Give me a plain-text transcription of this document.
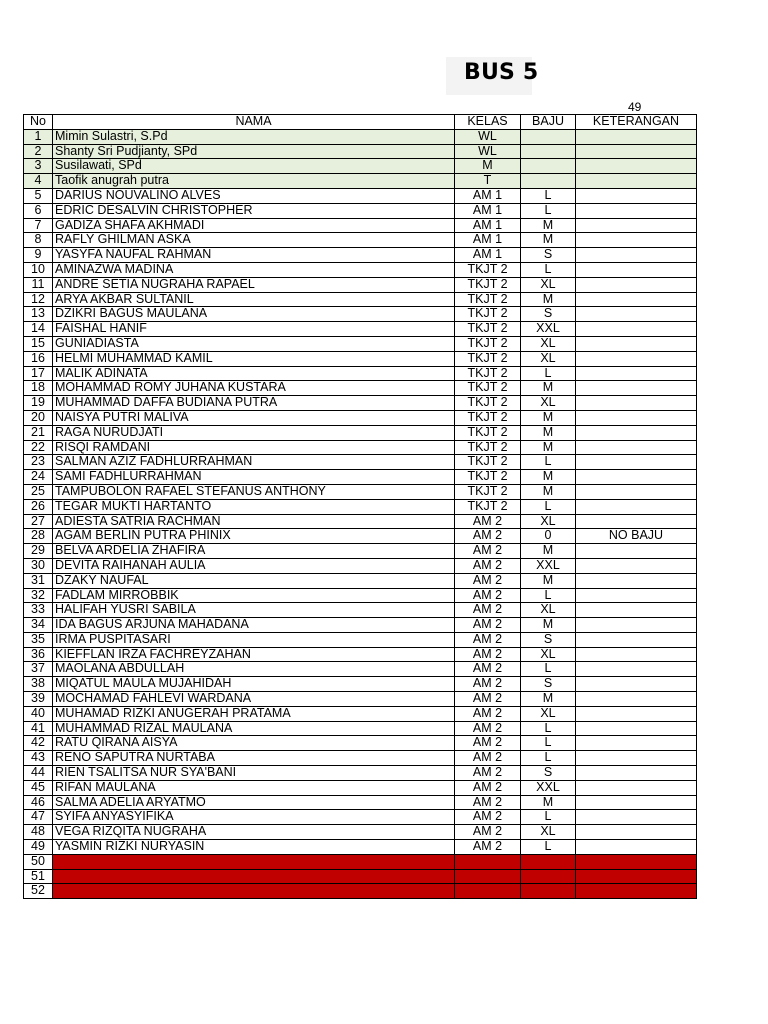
BUS 5
49
No	NAMA	KELAS	BAJU	KETERANGAN
1	Mimin Sulastri, S.Pd	WL		
2	Shanty Sri Pudjianty, SPd	WL		
3	Susilawati, SPd	M		
4	Taofik anugrah putra	T		
5	DARIUS NOUVALINO ALVES	AM 1	L	
6	EDRIC DESALVIN CHRISTOPHER	AM 1	L	
7	GADIZA SHAFA AKHMADI	AM 1	M	
8	RAFLY GHILMAN ASKA	AM 1	M	
9	YASYFA NAUFAL RAHMAN	AM 1	S	
10	AMINAZWA MADINA	TKJT 2	L	
11	ANDRE SETIA NUGRAHA RAPAEL	TKJT 2	XL	
12	ARYA AKBAR SULTANIL	TKJT 2	M	
13	DZIKRI BAGUS MAULANA	TKJT 2	S	
14	FAISHAL HANIF	TKJT 2	XXL	
15	GUNIADIASTA	TKJT 2	XL	
16	HELMI MUHAMMAD KAMIL	TKJT 2	XL	
17	MALIK ADINATA	TKJT 2	L	
18	MOHAMMAD ROMY JUHANA KUSTARA	TKJT 2	M	
19	MUHAMMAD DAFFA BUDIANA PUTRA	TKJT 2	XL	
20	NAISYA PUTRI MALIVA	TKJT 2	M	
21	RAGA NURUDJATI	TKJT 2	M	
22	RISQI RAMDANI	TKJT 2	M	
23	SALMAN AZIZ FADHLURRAHMAN	TKJT 2	L	
24	SAMI FADHLURRAHMAN	TKJT 2	M	
25	TAMPUBOLON RAFAEL STEFANUS ANTHONY	TKJT 2	M	
26	TEGAR MUKTI HARTANTO	TKJT 2	L	
27	ADIESTA SATRIA RACHMAN	AM 2	XL	
28	AGAM BERLIN PUTRA PHINIX	AM 2	0	NO BAJU
29	BELVA ARDELIA ZHAFIRA	AM 2	M	
30	DEVITA RAIHANAH AULIA	AM 2	XXL	
31	DZAKY NAUFAL	AM 2	M	
32	FADLAM MIRROBBIK	AM 2	L	
33	HALIFAH YUSRI SABILA	AM 2	XL	
34	IDA BAGUS ARJUNA MAHADANA	AM 2	M	
35	IRMA PUSPITASARI	AM 2	S	
36	KIEFFLAN IRZA FACHREYZAHAN	AM 2	XL	
37	MAOLANA ABDULLAH	AM 2	L	
38	MIQATUL MAULA MUJAHIDAH	AM 2	S	
39	MOCHAMAD FAHLEVI WARDANA	AM 2	M	
40	MUHAMAD RIZKI ANUGERAH PRATAMA	AM 2	XL	
41	MUHAMMAD RIZAL MAULANA	AM 2	L	
42	RATU QIRANA AISYA	AM 2	L	
43	RENO SAPUTRA NURTABA	AM 2	L	
44	RIEN TSALITSA NUR SYA'BANI	AM 2	S	
45	RIFAN MAULANA	AM 2	XXL	
46	SALMA ADELIA ARYATMO	AM 2	M	
47	SYIFA ANYASYIFIKA	AM 2	L	
48	VEGA RIZQITA NUGRAHA	AM 2	XL	
49	YASMIN RIZKI NURYASIN	AM 2	L	
50				
51				
52				
